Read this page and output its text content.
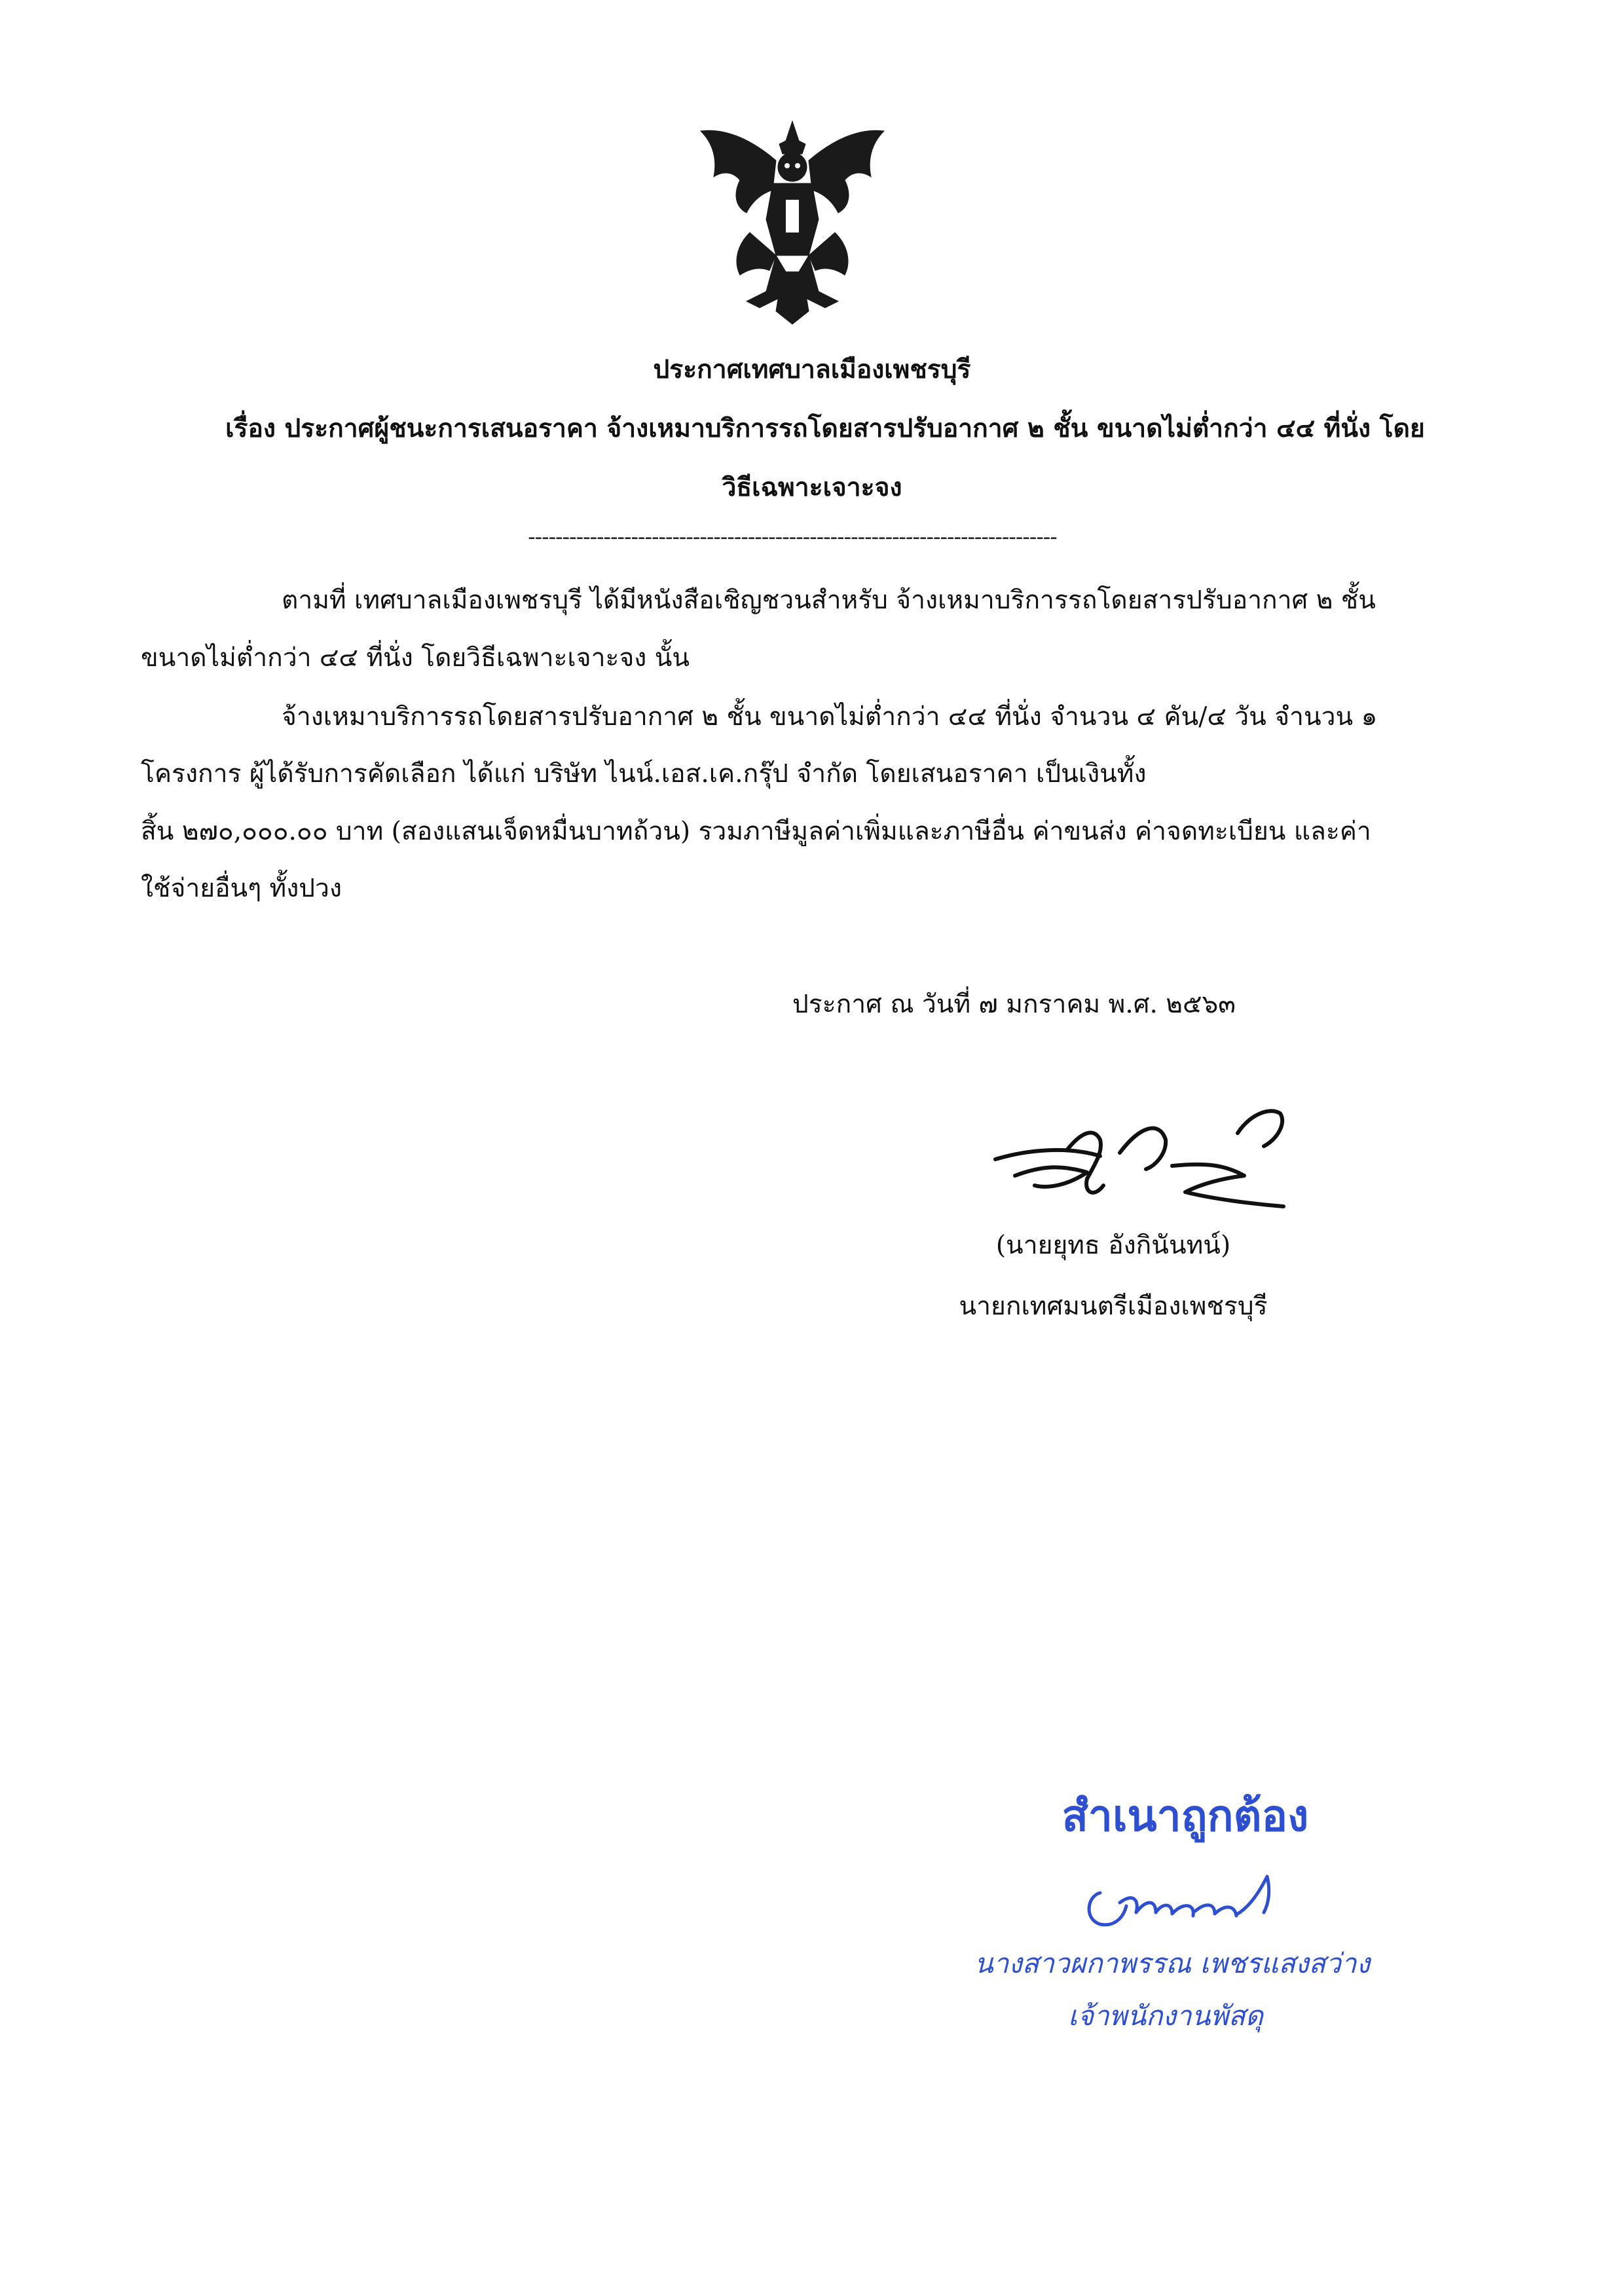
ประกาศเทศบาลเมืองเพชรบุรี
เรื่อง ประกาศผู้ชนะการเสนอราคา จ้างเหมาบริการรถโดยสารปรับอากาศ ๒ ชั้น ขนาดไม่ต่ำกว่า ๔๔ ที่นั่ง โดย
วิธีเฉพาะเจาะจง
-----------------------------------------------------------------------------
ตามที่ เทศบาลเมืองเพชรบุรี ได้มีหนังสือเชิญชวนสำหรับ จ้างเหมาบริการรถโดยสารปรับอากาศ ๒ ชั้น
ขนาดไม่ต่ำกว่า ๔๔ ที่นั่ง โดยวิธีเฉพาะเจาะจง นั้น
จ้างเหมาบริการรถโดยสารปรับอากาศ ๒ ชั้น ขนาดไม่ต่ำกว่า ๔๔ ที่นั่ง จำนวน ๔ คัน/๔ วัน จำนวน ๑
โครงการ ผู้ได้รับการคัดเลือก ได้แก่ บริษัท ไนน์.เอส.เค.กรุ๊ป จำกัด โดยเสนอราคา เป็นเงินทั้ง
สิ้น ๒๗๐,๐๐๐.๐๐ บาท (สองแสนเจ็ดหมื่นบาทถ้วน) รวมภาษีมูลค่าเพิ่มและภาษีอื่น ค่าขนส่ง ค่าจดทะเบียน และค่า
ใช้จ่ายอื่นๆ ทั้งปวง
ประกาศ ณ วันที่ ๗ มกราคม พ.ศ. ๒๕๖๓
(นายยุทธ อังกินันทน์)
นายกเทศมนตรีเมืองเพชรบุรี
สำเนาถูกต้อง
นางสาวผกาพรรณ เพชรแสงสว่าง
เจ้าพนักงานพัสดุ
